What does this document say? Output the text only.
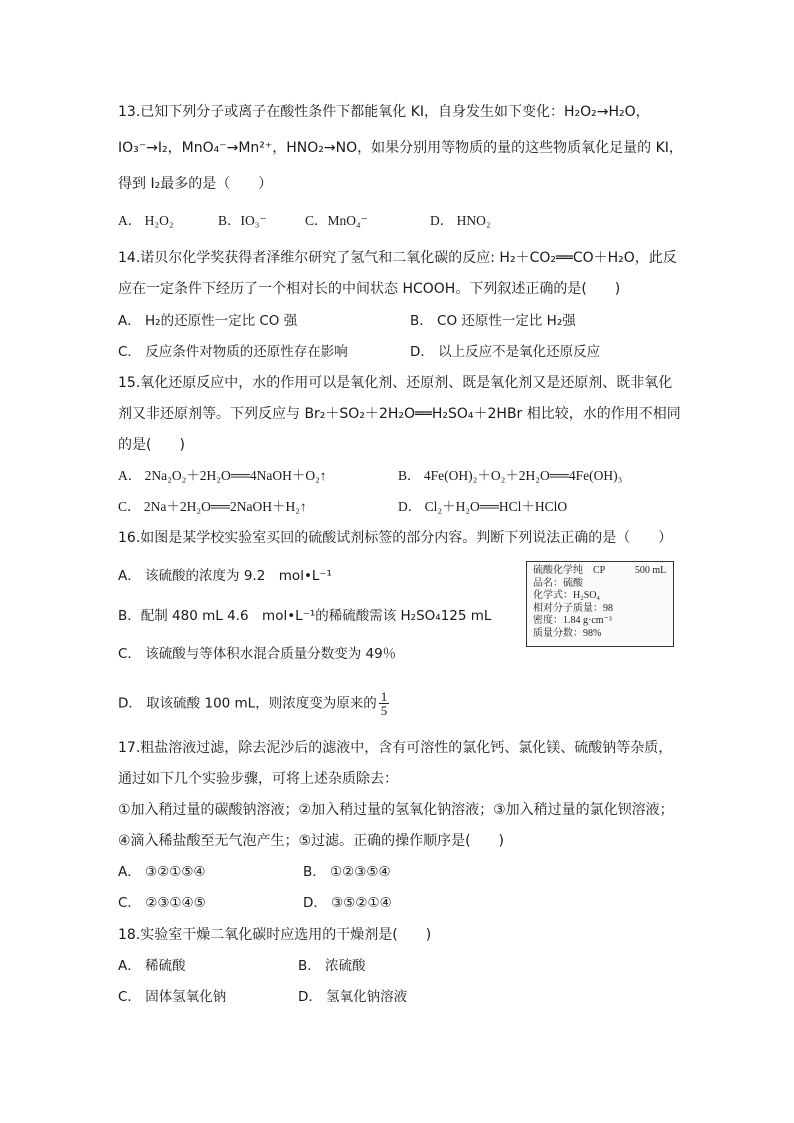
13.已知下列分子或离子在酸性条件下都能氧化 KI，自身发生如下变化：H₂O₂→H₂O，
IO₃⁻→I₂，MnO₄⁻→Mn²⁺，HNO₂→NO，如果分别用等物质的量的这些物质氧化足量的 KI，
得到 I₂最多的是（　　）
A． H₂O₂	B．IO₃⁻	C．MnO₄⁻	D． HNO₂
14.诺贝尔化学奖获得者泽维尔研究了氢气和二氧化碳的反应: H₂＋CO₂══CO＋H₂O，此反
应在一定条件下经历了一个相对长的中间状态 HCOOH。下列叙述正确的是(　　)
A． H₂的还原性一定比 CO 强	B． CO 还原性一定比 H₂强
C． 反应条件对物质的还原性存在影响	D． 以上反应不是氧化还原反应
15.氧化还原反应中，水的作用可以是氧化剂、还原剂、既是氧化剂又是还原剂、既非氧化
剂又非还原剂等。下列反应与 Br₂＋SO₂＋2H₂O══H₂SO₄＋2HBr 相比较，水的作用不相同
的是(　　)
A． 2Na₂O₂＋2H₂O══4NaOH＋O₂↑	B． 4Fe(OH)₂＋O₂＋2H₂O══4Fe(OH)₃
C． 2Na＋2H₂O══2NaOH＋H₂↑	D． Cl₂＋H₂O══HCl＋HClO
16.如图是某学校实验室买回的硫酸试剂标签的部分内容。判断下列说法正确的是（　　）
A． 该硫酸的浓度为 9.2　mol•L⁻¹
B．配制 480 mL 4.6　mol•L⁻¹的稀硫酸需该 H₂SO₄125 mL
C． 该硫酸与等体积水混合质量分数变为 49％
D． 取该硫酸 100 mL，则浓度变为原来的 $\frac{1}{5}$
硫酸化学纯　CP　　　500 mL
品名：硫酸
化学式：H₂SO₄
相对分子质量：98
密度：1.84 g·cm⁻³
质量分数：98%
17.粗盐溶液过滤，除去泥沙后的滤液中，含有可溶性的氯化钙、氯化镁、硫酸钠等杂质，
通过如下几个实验步骤，可将上述杂质除去：
①加入稍过量的碳酸钠溶液；②加入稍过量的氢氧化钠溶液；③加入稍过量的氯化钡溶液；
④滴入稀盐酸至无气泡产生；⑤过滤。正确的操作顺序是(　　)
A． ③②①⑤④	B． ①②③⑤④
C． ②③①④⑤	D． ③⑤②①④
18.实验室干燥二氧化碳时应选用的干燥剂是(　　)
A． 稀硫酸	B． 浓硫酸
C． 固体氢氧化钠	D． 氢氧化钠溶液
